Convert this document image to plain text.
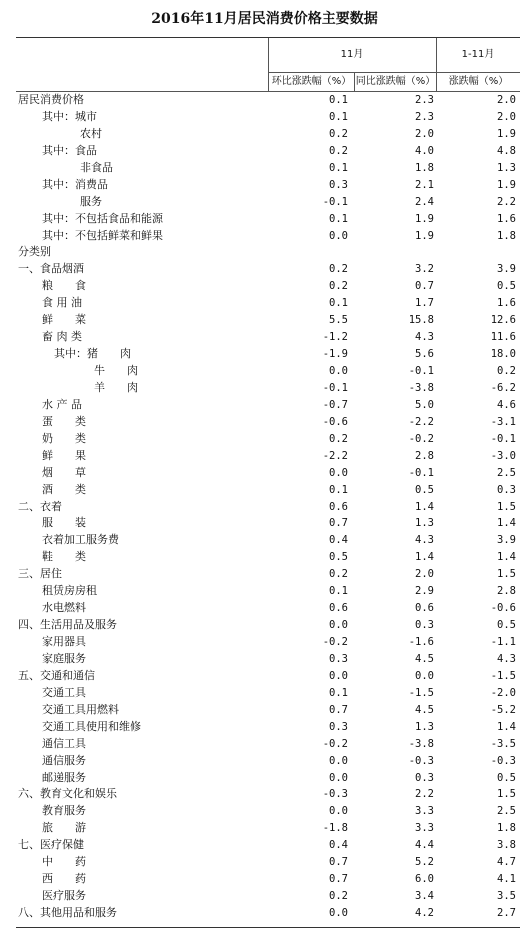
2016年11月居民消费价格主要数据
11月	1-11月
环比涨跌幅（%） 同比涨跌幅（%）	涨跌幅（%）
居民消费价格	0.1	2.3	2.0
其中：城市	0.1	2.3	2.0
农村	0.2	2.0	1.9
其中：食品	0.2	4.0	4.8
非食品	0.1	1.8	1.3
其中：消费品	0.3	2.1	1.9
服务	-0.1	2.4	2.2
其中：不包括食品和能源	0.1	1.9	1.6
其中：不包括鲜菜和鲜果	0.0	1.9	1.8
分类别
一、食品烟酒	0.2	3.2	3.9
粮　　食	0.2	0.7	0.5
食 用 油	0.1	1.7	1.6
鲜　　菜	5.5	15.8	12.6
畜 肉 类	-1.2	4.3	11.6
其中：猪　　肉	-1.9	5.6	18.0
牛　　肉	0.0	-0.1	0.2
羊　　肉	-0.1	-3.8	-6.2
水 产 品	-0.7	5.0	4.6
蛋　　类	-0.6	-2.2	-3.1
奶　　类	0.2	-0.2	-0.1
鲜　　果	-2.2	2.8	-3.0
烟　　草	0.0	-0.1	2.5
酒　　类	0.1	0.5	0.3
二、衣着	0.6	1.4	1.5
服　　装	0.7	1.3	1.4
衣着加工服务费	0.4	4.3	3.9
鞋　　类	0.5	1.4	1.4
三、居住	0.2	2.0	1.5
租赁房房租	0.1	2.9	2.8
水电燃料	0.6	0.6	-0.6
四、生活用品及服务	0.0	0.3	0.5
家用器具	-0.2	-1.6	-1.1
家庭服务	0.3	4.5	4.3
五、交通和通信	0.0	0.0	-1.5
交通工具	0.1	-1.5	-2.0
交通工具用燃料	0.7	4.5	-5.2
交通工具使用和维修	0.3	1.3	1.4
通信工具	-0.2	-3.8	-3.5
通信服务	0.0	-0.3	-0.3
邮递服务	0.0	0.3	0.5
六、教育文化和娱乐	-0.3	2.2	1.5
教育服务	0.0	3.3	2.5
旅　　游	-1.8	3.3	1.8
七、医疗保健	0.4	4.4	3.8
中　　药	0.7	5.2	4.7
西　　药	0.7	6.0	4.1
医疗服务	0.2	3.4	3.5
八、其他用品和服务	0.0	4.2	2.7
